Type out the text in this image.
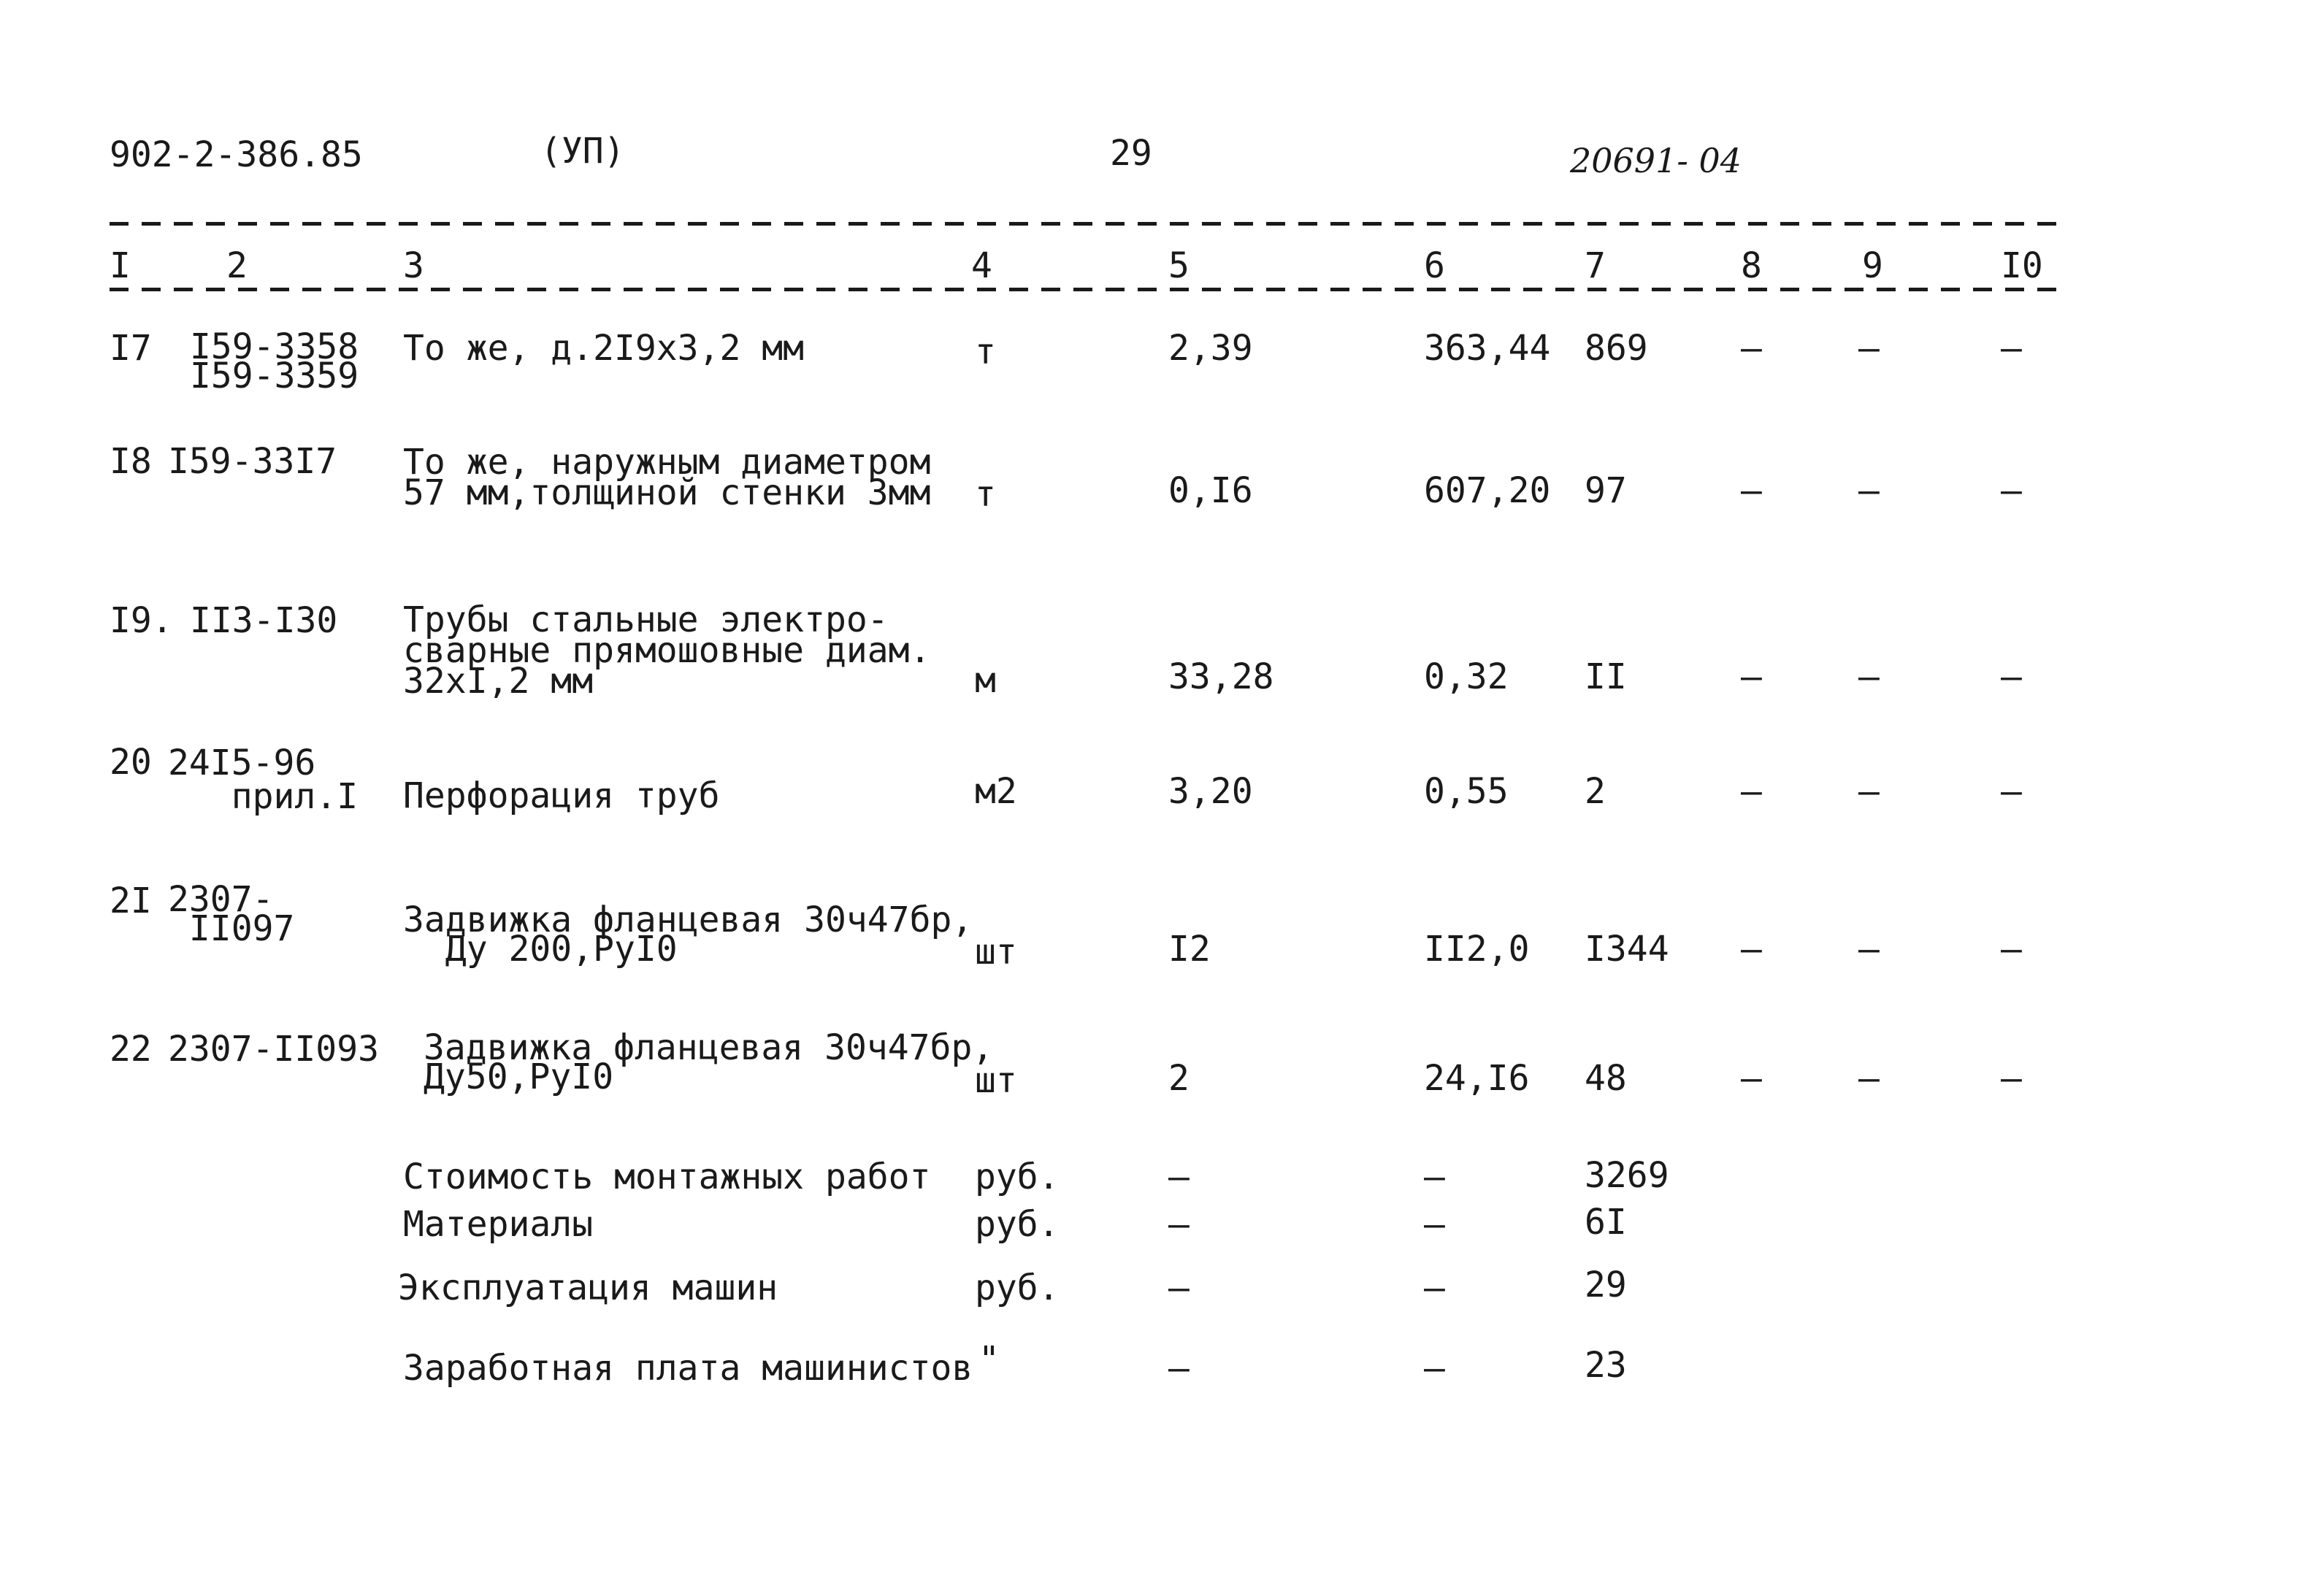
902-2-386.85	(УП)	29	20691- 04
I	2	3	4	5	6	7	8	9	I0
I7 I59-3358
I59-3359
То же, д.2I9х3,2 мм	т	2,39	363,44 869	–	–	–
I8 I59-33I7 То же, наружным диаметром
57 мм,толщиной стенки 3мм т	0,I6	607,20 97	–	–	–
I9. II3-I30 Трубы стальные электро-
сварные прямошовные диам.
32хI,2 мм	м	33,28	0,32 II	–	–	–
20 24I5-96
прил.I Перфорация труб	м2	3,20	0,55 2	–	–	–
2I 2307-
II097	Задвижка фланцевая 30ч47бр,
Ду 200,РуI0	шт	I2	II2,0 I344 –	–	–
22 2307-II093 Задвижка фланцевая 30ч47бр,
Ду50,РуI0	шт	2	24,I6 48	–	–	–
Стоимость монтажных работ руб.	–	–	3269
Материалы	руб.	–	–	6I
Эксплуатация машин	руб.	–	–	29
Заработная плата машинистов "	–	–	23
